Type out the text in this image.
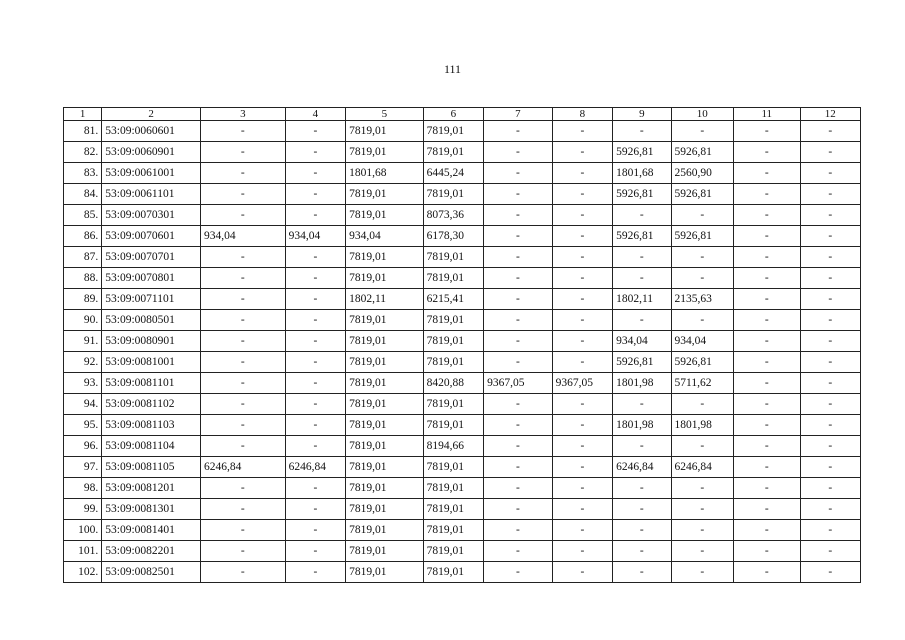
111
1	2	3	4	5	6	7	8	9	10	11	12
81.	53:09:0060601	-	-	7819,01	7819,01	-	-	-	-	-	-
82.	53:09:0060901	-	-	7819,01	7819,01	-	-	5926,81	5926,81	-	-
83.	53:09:0061001	-	-	1801,68	6445,24	-	-	1801,68	2560,90	-	-
84.	53:09:0061101	-	-	7819,01	7819,01	-	-	5926,81	5926,81	-	-
85.	53:09:0070301	-	-	7819,01	8073,36	-	-	-	-	-	-
86.	53:09:0070601	934,04	934,04	934,04	6178,30	-	-	5926,81	5926,81	-	-
87.	53:09:0070701	-	-	7819,01	7819,01	-	-	-	-	-	-
88.	53:09:0070801	-	-	7819,01	7819,01	-	-	-	-	-	-
89.	53:09:0071101	-	-	1802,11	6215,41	-	-	1802,11	2135,63	-	-
90.	53:09:0080501	-	-	7819,01	7819,01	-	-	-	-	-	-
91.	53:09:0080901	-	-	7819,01	7819,01	-	-	934,04	934,04	-	-
92.	53:09:0081001	-	-	7819,01	7819,01	-	-	5926,81	5926,81	-	-
93.	53:09:0081101	-	-	7819,01	8420,88	9367,05	9367,05	1801,98	5711,62	-	-
94.	53:09:0081102	-	-	7819,01	7819,01	-	-	-	-	-	-
95.	53:09:0081103	-	-	7819,01	7819,01	-	-	1801,98	1801,98	-	-
96.	53:09:0081104	-	-	7819,01	8194,66	-	-	-	-	-	-
97.	53:09:0081105	6246,84	6246,84	7819,01	7819,01	-	-	6246,84	6246,84	-	-
98.	53:09:0081201	-	-	7819,01	7819,01	-	-	-	-	-	-
99.	53:09:0081301	-	-	7819,01	7819,01	-	-	-	-	-	-
100.	53:09:0081401	-	-	7819,01	7819,01	-	-	-	-	-	-
101.	53:09:0082201	-	-	7819,01	7819,01	-	-	-	-	-	-
102.	53:09:0082501	-	-	7819,01	7819,01	-	-	-	-	-	-
